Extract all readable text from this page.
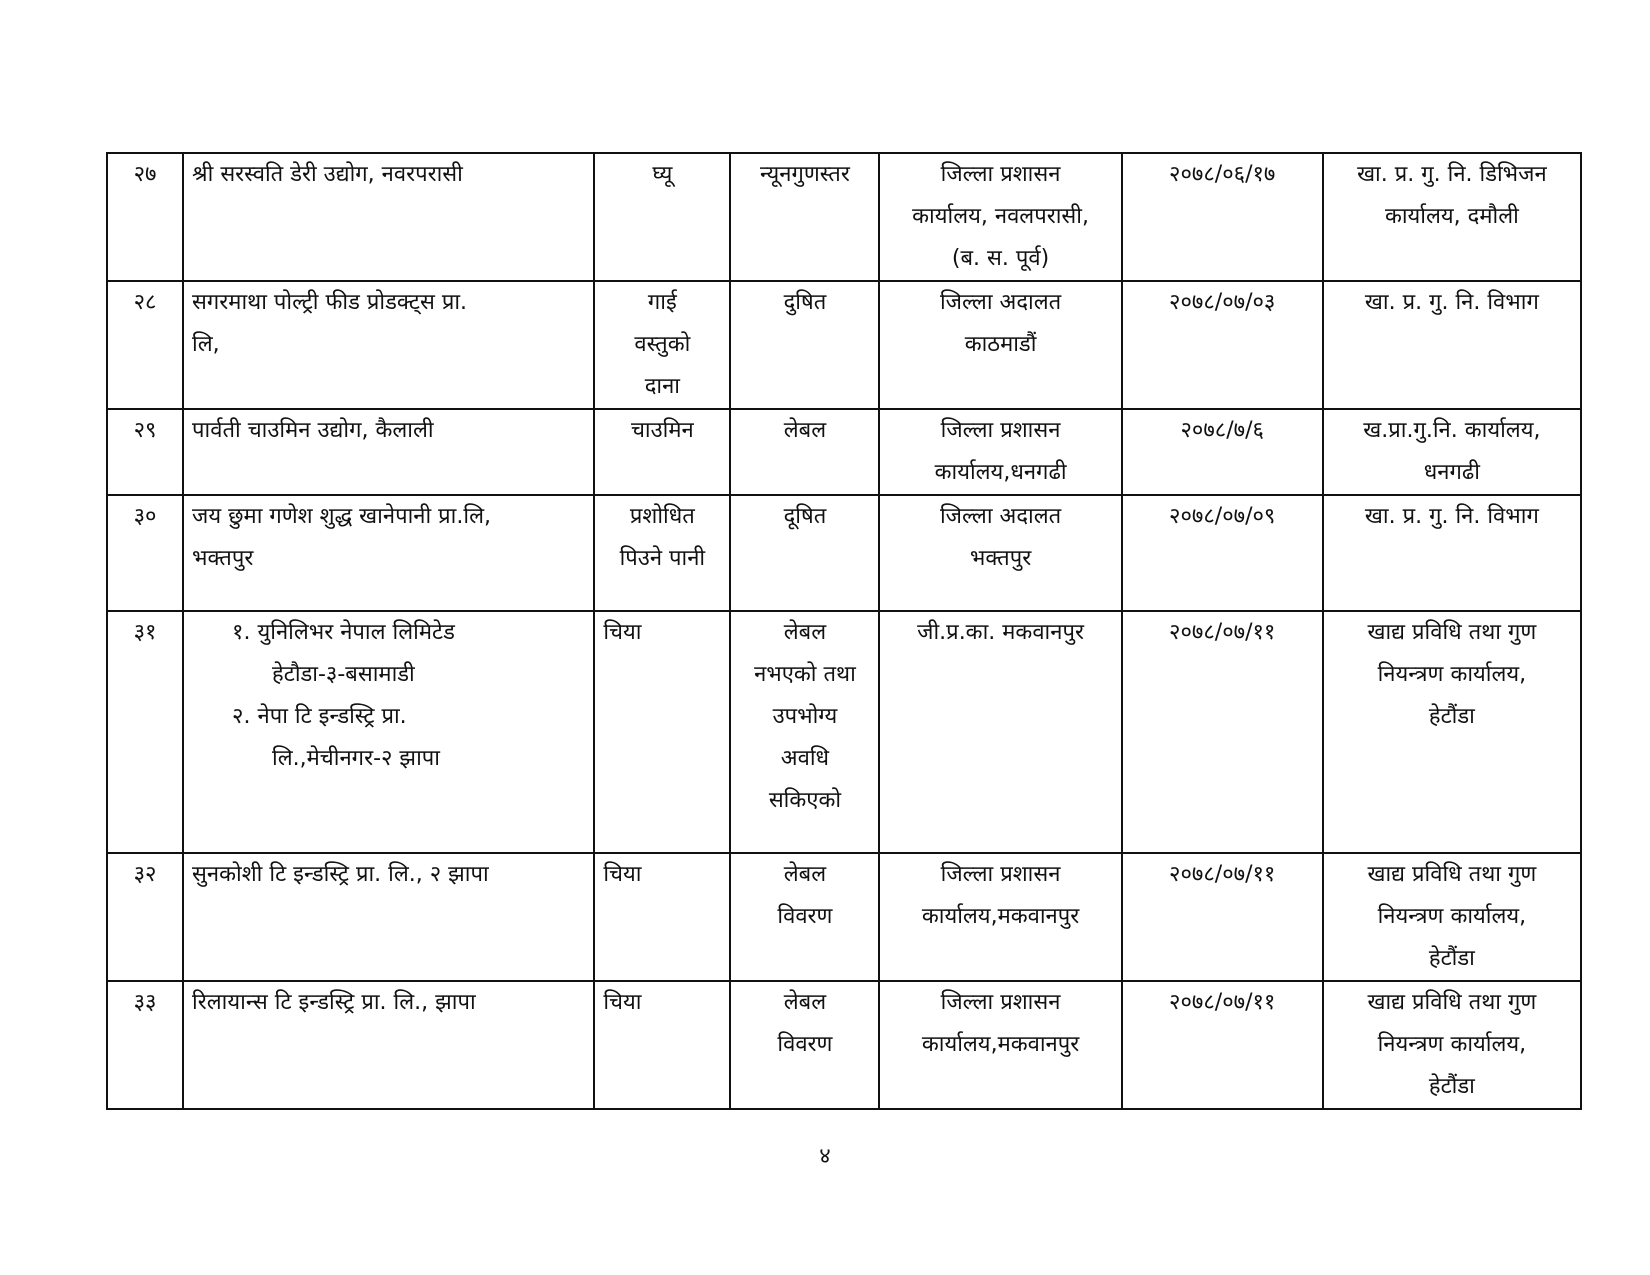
२७	श्री सरस्वति डेरी उद्योग, नवरपरासी	घ्यू	न्यूनगुणस्तर	जिल्ला प्रशासन
कार्यालय, नवलपरासी,
(ब. स. पूर्व)	२०७८/०६/१७	खा. प्र. गु. नि. डिभिजन
कार्यालय, दमौली

२८	सगरमाथा पोल्ट्री फीड प्रोडक्ट्स प्रा.
लि,	गाई
वस्तुको
दाना	दुषित	जिल्ला अदालत
काठमाडौं	२०७८/०७/०३	खा. प्र. गु. नि. विभाग

२९	पार्वती चाउमिन उद्योग, कैलाली	चाउमिन	लेबल	जिल्ला प्रशासन
कार्यालय,धनगढी	२०७८/७/६	ख.प्रा.गु.नि. कार्यालय,
धनगढी

३०	जय छुमा गणेश शुद्ध खानेपानी प्रा.लि,
भक्तपुर	प्रशोधित
पिउने पानी	दूषित	जिल्ला अदालत
भक्तपुर	२०७८/०७/०९	खा. प्र. गु. नि. विभाग

३१	१. युनिलिभर नेपाल लिमिटेड
हेटौडा-३-बसामाडी
२. नेपा टि इन्डस्ट्रि प्रा.
लि.,मेचीनगर-२ झापा	चिया	लेबल
नभएको तथा
उपभोग्य
अवधि
सकिएको	जी.प्र.का. मकवानपुर	२०७८/०७/११	खाद्य प्रविधि तथा गुण
नियन्त्रण कार्यालय,
हेटौंडा

३२	सुनकोशी टि इन्डस्ट्रि प्रा. लि., २ झापा	चिया	लेबल
विवरण	जिल्ला प्रशासन
कार्यालय,मकवानपुर	२०७८/०७/११	खाद्य प्रविधि तथा गुण
नियन्त्रण कार्यालय,
हेटौंडा

३३	रिलायान्स टि इन्डस्ट्रि प्रा. लि., झापा	चिया	लेबल
विवरण	जिल्ला प्रशासन
कार्यालय,मकवानपुर	२०७८/०७/११	खाद्य प्रविधि तथा गुण
नियन्त्रण कार्यालय,
हेटौंडा
४
